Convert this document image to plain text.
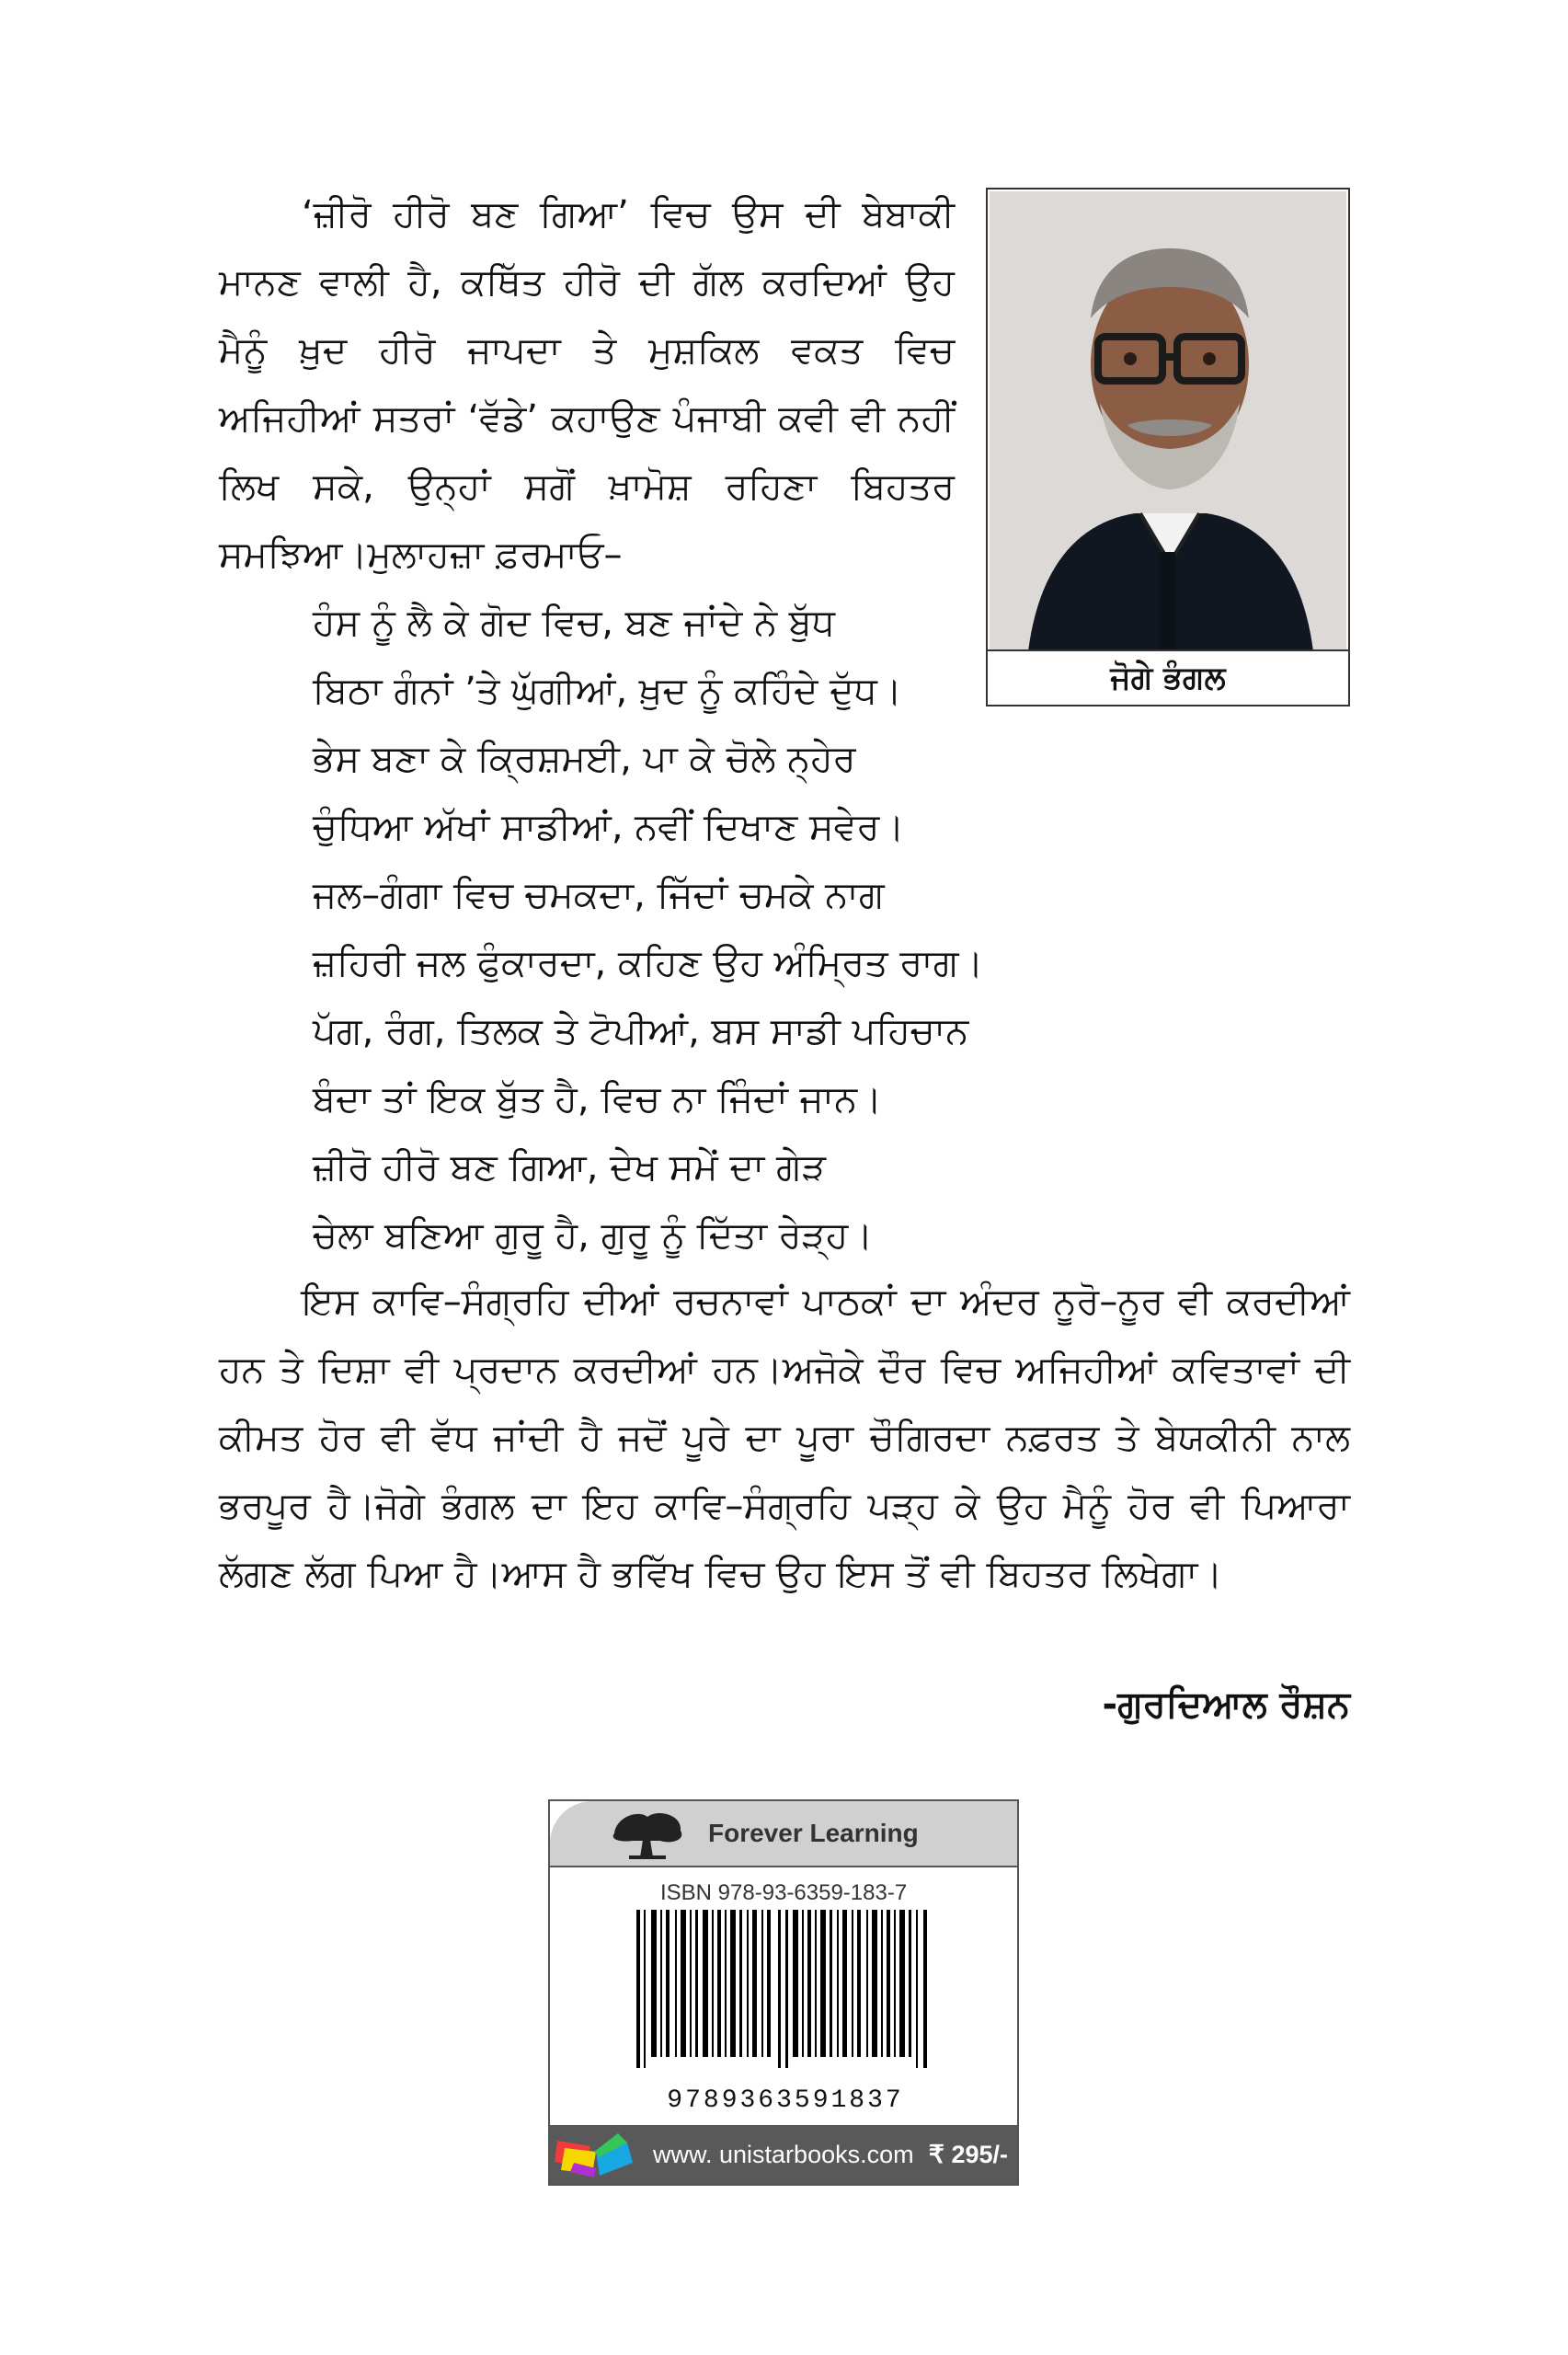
‘ਜ਼ੀਰੋ ਹੀਰੋ ਬਣ ਗਿਆ’ ਵਿਚ ਉਸ ਦੀ ਬੇਬਾਕੀ ਮਾਨਣ ਵਾਲੀ ਹੈ, ਕਥਿੱਤ ਹੀਰੋ ਦੀ ਗੱਲ ਕਰਦਿਆਂ ਉਹ ਮੈਨੂੰ ਖ਼ੁਦ ਹੀਰੋ ਜਾਪਦਾ ਤੇ ਮੁਸ਼ਕਿਲ ਵਕਤ ਵਿਚ ਅਜਿਹੀਆਂ ਸਤਰਾਂ ‘ਵੱਡੇ’ ਕਹਾਉਣ ਪੰਜਾਬੀ ਕਵੀ ਵੀ ਨਹੀਂ ਲਿਖ ਸਕੇ, ਉਨ੍ਹਾਂ ਸਗੋਂ ਖ਼ਾਮੋਸ਼ ਰਹਿਣਾ ਬਿਹਤਰ ਸਮਝਿਆ।ਮੁਲਾਹਜ਼ਾ ਫ਼ਰਮਾਓ–

ਜੋਗੇ ਭੰਗਲ
ਹੰਸ ਨੂੰ ਲੈ ਕੇ ਗੋਦ ਵਿਚ, ਬਣ ਜਾਂਦੇ ਨੇ ਬੁੱਧ
ਬਿਠਾ ਗੰਨਾਂ ’ਤੇ ਘੁੱਗੀਆਂ, ਖ਼ੁਦ ਨੂੰ ਕਹਿੰਦੇ ਦੁੱਧ।
ਭੇਸ ਬਣਾ ਕੇ ਕ੍ਰਿਸ਼ਮਈ, ਪਾ ਕੇ ਚੋਲੇ ਨ੍ਹੇਰ
ਚੁੰਧਿਆ ਅੱਖਾਂ ਸਾਡੀਆਂ, ਨਵੀਂ ਦਿਖਾਣ ਸਵੇਰ।
ਜਲ–ਗੰਗਾ ਵਿਚ ਚਮਕਦਾ, ਜਿੱਦਾਂ ਚਮਕੇ ਨਾਗ
ਜ਼ਹਿਰੀ ਜਲ ਫੁੰਕਾਰਦਾ, ਕਹਿਣ ਉਹ ਅੰਮ੍ਰਿਤ ਰਾਗ।
ਪੱਗ, ਰੰਗ, ਤਿਲਕ ਤੇ ਟੋਪੀਆਂ, ਬਸ ਸਾਡੀ ਪਹਿਚਾਨ
ਬੰਦਾ ਤਾਂ ਇਕ ਬੁੱਤ ਹੈ, ਵਿਚ ਨਾ ਜਿੰਦਾਂ ਜਾਨ।
ਜ਼ੀਰੋ ਹੀਰੋ ਬਣ ਗਿਆ, ਦੇਖ ਸਮੇਂ ਦਾ ਗੇੜ
ਚੇਲਾ ਬਣਿਆ ਗੁਰੂ ਹੈ, ਗੁਰੂ ਨੂੰ ਦਿੱਤਾ ਰੇੜ੍ਹ।

ਇਸ ਕਾਵਿ–ਸੰਗ੍ਰਹਿ ਦੀਆਂ ਰਚਨਾਵਾਂ ਪਾਠਕਾਂ ਦਾ ਅੰਦਰ ਨੂਰੋ–ਨੂਰ ਵੀ ਕਰਦੀਆਂ ਹਨ ਤੇ ਦਿਸ਼ਾ ਵੀ ਪ੍ਰਦਾਨ ਕਰਦੀਆਂ ਹਨ।ਅਜੋਕੇ ਦੌਰ ਵਿਚ ਅਜਿਹੀਆਂ ਕਵਿਤਾਵਾਂ ਦੀ ਕੀਮਤ ਹੋਰ ਵੀ ਵੱਧ ਜਾਂਦੀ ਹੈ ਜਦੋਂ ਪੂਰੇ ਦਾ ਪੂਰਾ ਚੌਗਿਰਦਾ ਨਫ਼ਰਤ ਤੇ ਬੇਯਕੀਨੀ ਨਾਲ ਭਰਪੂਰ ਹੈ।ਜੋਗੇ ਭੰਗਲ ਦਾ ਇਹ ਕਾਵਿ–ਸੰਗ੍ਰਹਿ ਪੜ੍ਹ ਕੇ ਉਹ ਮੈਨੂੰ ਹੋਰ ਵੀ ਪਿਆਰਾ ਲੱਗਣ ਲੱਗ ਪਿਆ ਹੈ।ਆਸ ਹੈ ਭਵਿੱਖ ਵਿਚ ਉਹ ਇਸ ਤੋਂ ਵੀ ਬਿਹਤਰ ਲਿਖੇਗਾ।

-ਗੁਰਦਿਆਲ ਰੌਸ਼ਨ
Forever Learning
ISBN 978-93-6359-183-7
9789363591837
www. unistarbooks.com ₹ 295/-
